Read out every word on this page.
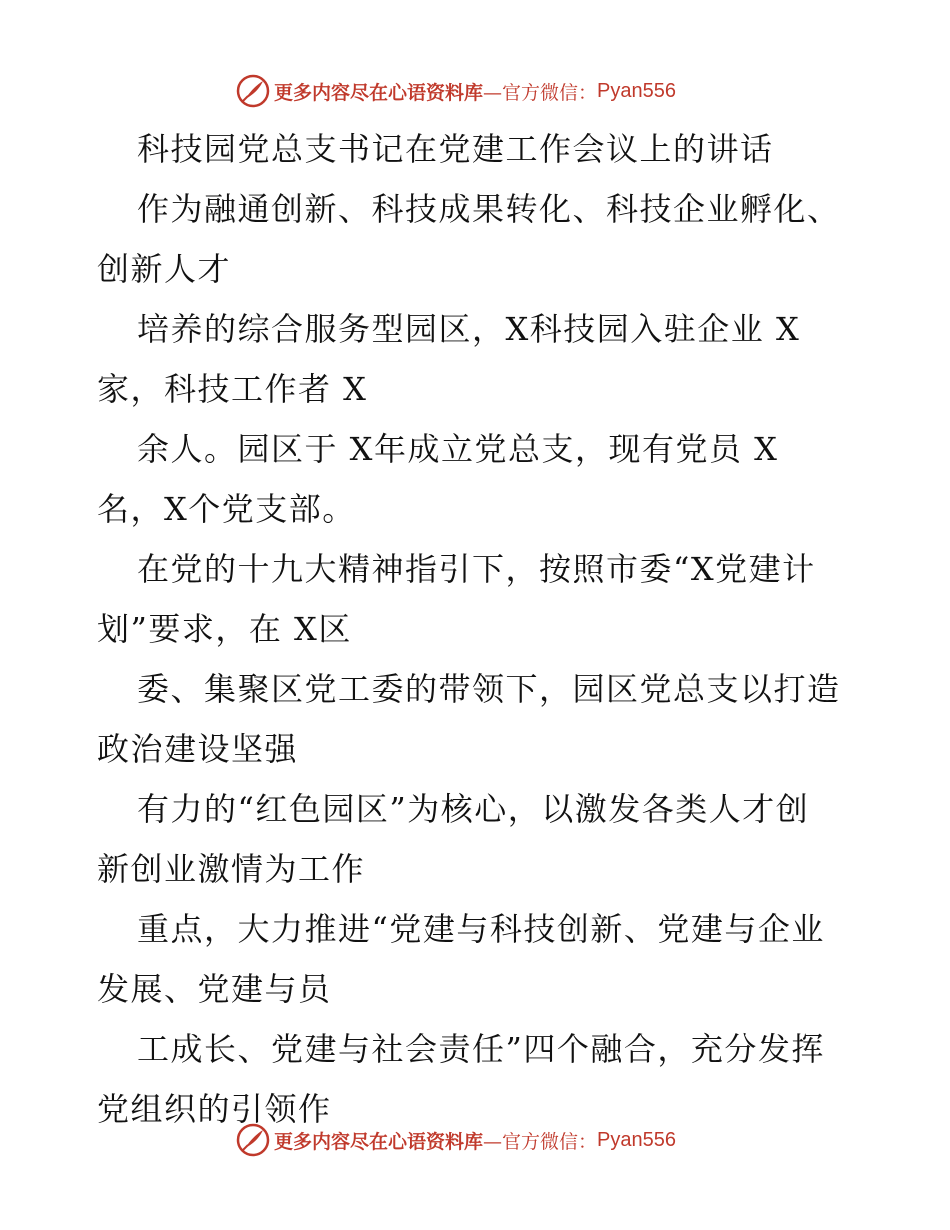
更多内容尽在心语资料库 —官方微信： Pyan556
科技园党总支书记在党建工作会议上的讲话
作为融通创新、科技成果转化、科技企业孵化、
创新人才
培养的综合服务型园区，X科技园入驻企业 X
家，科技工作者 X
余人。园区于 X年成立党总支，现有党员 X
名，X个党支部。
在党的十九大精神指引下，按照市委“X党建计
划”要求，在 X区
委、集聚区党工委的带领下，园区党总支以打造
政治建设坚强
有力的“红色园区”为核心，以激发各类人才创
新创业激情为工作
重点，大力推进“党建与科技创新、党建与企业
发展、党建与员
工成长、党建与社会责任”四个融合，充分发挥
党组织的引领作
更多内容尽在心语资料库 —官方微信： Pyan556
